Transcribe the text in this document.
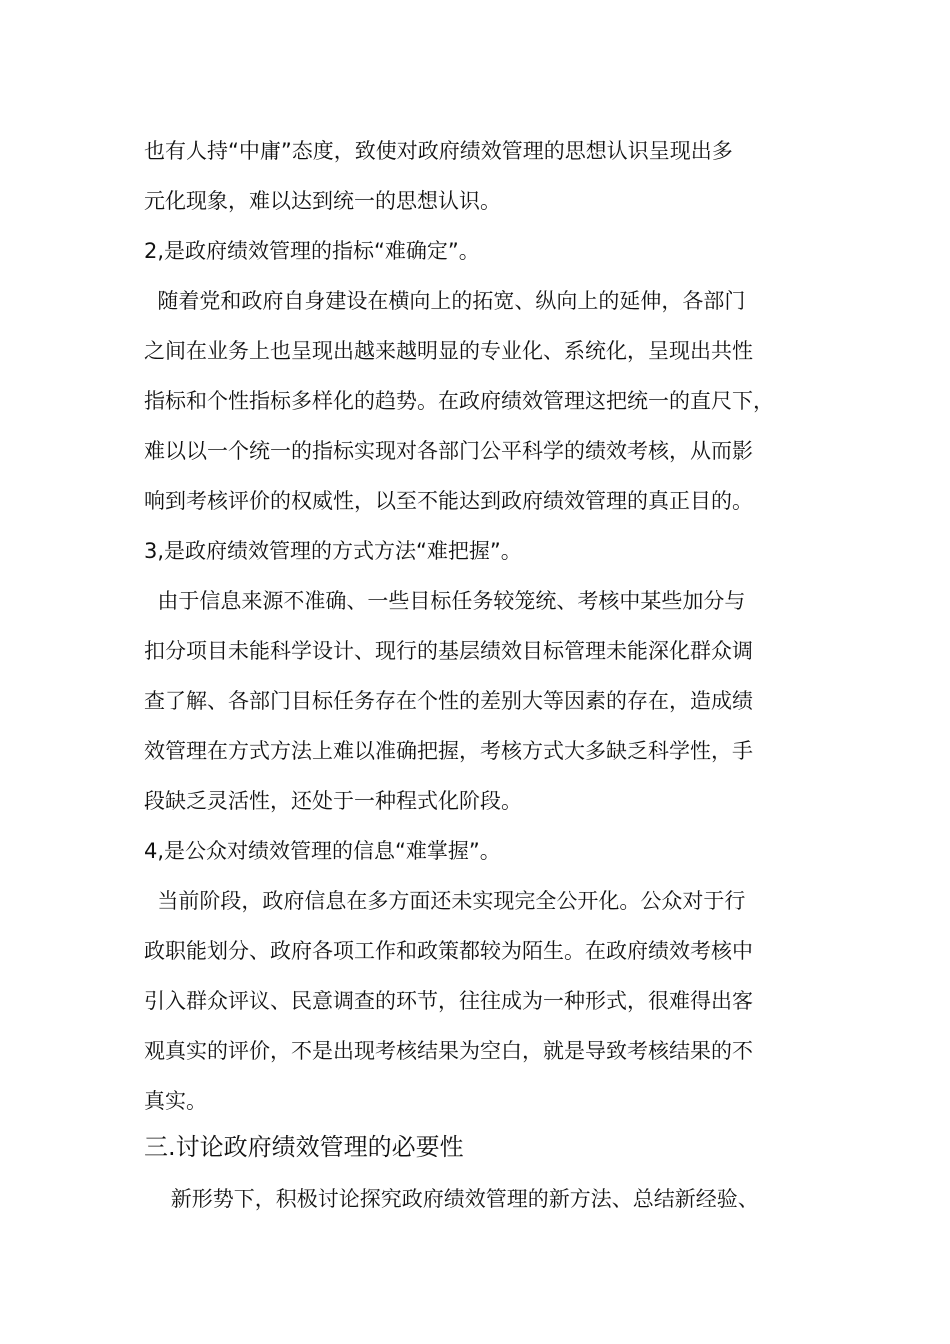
也有人持“中庸”态度，致使对政府绩效管理的思想认识呈现出多

元化现象，难以达到统一的思想认识。

2,是政府绩效管理的指标“难确定”。

随着党和政府自身建设在横向上的拓宽、纵向上的延伸，各部门

之间在业务上也呈现出越来越明显的专业化、系统化，呈现出共性

指标和个性指标多样化的趋势。在政府绩效管理这把统一的直尺下，

难以以一个统一的指标实现对各部门公平科学的绩效考核，从而影

响到考核评价的权威性，以至不能达到政府绩效管理的真正目的。

3,是政府绩效管理的方式方法“难把握”。

由于信息来源不准确、一些目标任务较笼统、考核中某些加分与

扣分项目未能科学设计、现行的基层绩效目标管理未能深化群众调

查了解、各部门目标任务存在个性的差别大等因素的存在，造成绩

效管理在方式方法上难以准确把握，考核方式大多缺乏科学性，手

段缺乏灵活性，还处于一种程式化阶段。

4,是公众对绩效管理的信息“难掌握”。

当前阶段，政府信息在多方面还未实现完全公开化。公众对于行

政职能划分、政府各项工作和政策都较为陌生。在政府绩效考核中

引入群众评议、民意调查的环节，往往成为一种形式，很难得出客

观真实的评价，不是出现考核结果为空白，就是导致考核结果的不

真实。

三.讨论政府绩效管理的必要性

新形势下，积极讨论探究政府绩效管理的新方法、总结新经验、
